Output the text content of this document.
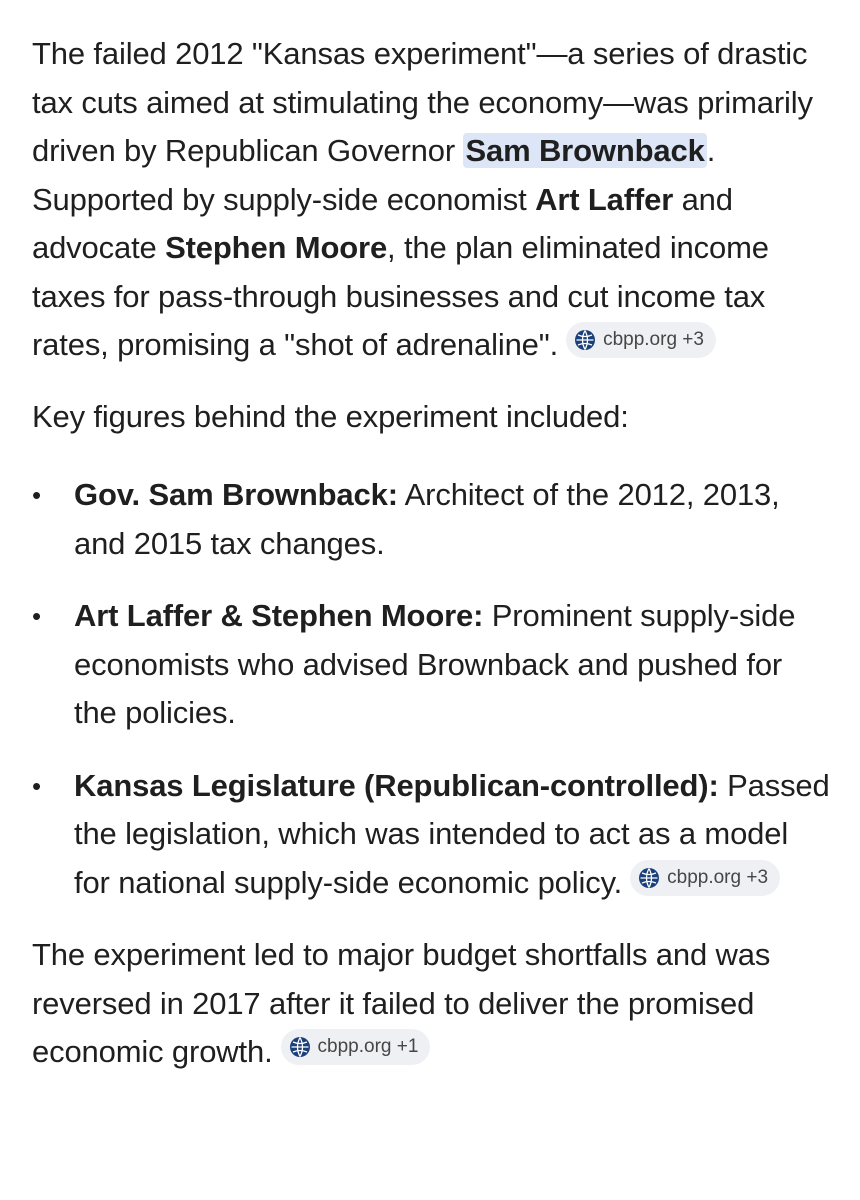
The failed 2012 "Kansas experiment"—a series of drastic tax cuts aimed at stimulating the economy—was primarily driven by Republican Governor Sam Brownback. Supported by supply-side economist Art Laffer and advocate Stephen Moore, the plan eliminated income taxes for pass-through businesses and cut income tax rates, promising a "shot of adrenaline". cbpp.org +3

Key figures behind the experiment included:

•	Gov. Sam Brownback: Architect of the 2012, 2013, and 2015 tax changes.
•	Art Laffer & Stephen Moore: Prominent supply-side economists who advised Brownback and pushed for the policies.
•	Kansas Legislature (Republican-controlled): Passed the legislation, which was intended to act as a model for national supply-side economic policy. cbpp.org +3

The experiment led to major budget shortfalls and was reversed in 2017 after it failed to deliver the promised economic growth. cbpp.org +1
